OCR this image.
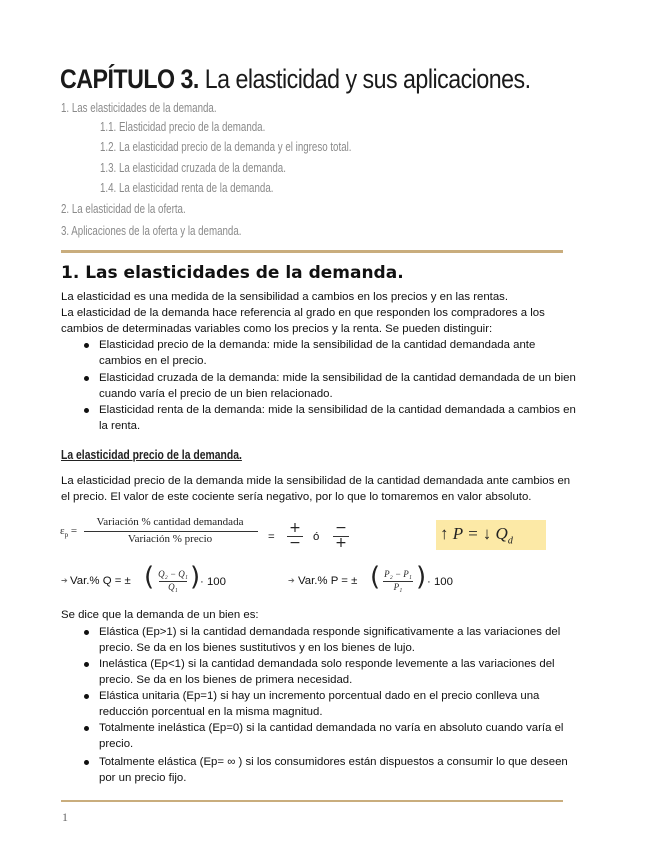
CAPÍTULO 3. La elasticidad y sus aplicaciones.
1. Las elasticidades de la demanda.
1.1. Elasticidad precio de la demanda.
1.2. La elasticidad precio de la demanda y el ingreso total.
1.3. La elasticidad cruzada de la demanda.
1.4. La elasticidad renta de la demanda.
2. La elasticidad de la oferta.
3. Aplicaciones de la oferta y la demanda.
1. Las elasticidades de la demanda.
La elasticidad es una medida de la sensibilidad a cambios en los precios y en las rentas.
La elasticidad de la demanda hace referencia al grado en que responden los compradores a los
cambios de determinadas variables como los precios y la renta. Se pueden distinguir:
Elasticidad precio de la demanda: mide la sensibilidad de la cantidad demandada ante
cambios en el precio.
Elasticidad cruzada de la demanda: mide la sensibilidad de la cantidad demandada de un bien
cuando varía el precio de un bien relacionado.
Elasticidad renta de la demanda: mide la sensibilidad de la cantidad demandada a cambios en
la renta.
La elasticidad precio de la demanda.
La elasticidad precio de la demanda mide la sensibilidad de la cantidad demandada ante cambios en
el precio. El valor de este cociente sería negativo, por lo que lo tomaremos en valor absoluto.
$\varepsilon_p$ =
Variación % cantidad demandada
Variación % precio	=
+
− ó
−
+	↑ P = ↓ $Q_d$
➔ Var.% Q = ± ( Q₂ − Q₁
Q₁ ) · 100	➔ Var.% P = ± ( P₂ − P₁
P₁ ) · 100
Se dice que la demanda de un bien es:
Elástica (Ep>1) si la cantidad demandada responde significativamente a las variaciones del
precio. Se da en los bienes sustitutivos y en los bienes de lujo.
Inelástica (Ep<1) si la cantidad demandada solo responde levemente a las variaciones del
precio. Se da en los bienes de primera necesidad.
Elástica unitaria (Ep=1) si hay un incremento porcentual dado en el precio conlleva una
reducción porcentual en la misma magnitud.
Totalmente inelástica (Ep=0) si la cantidad demandada no varía en absoluto cuando varía el
precio.
Totalmente elástica (Ep= ∞ ) si los consumidores están dispuestos a consumir lo que deseen
por un precio fijo.
1
